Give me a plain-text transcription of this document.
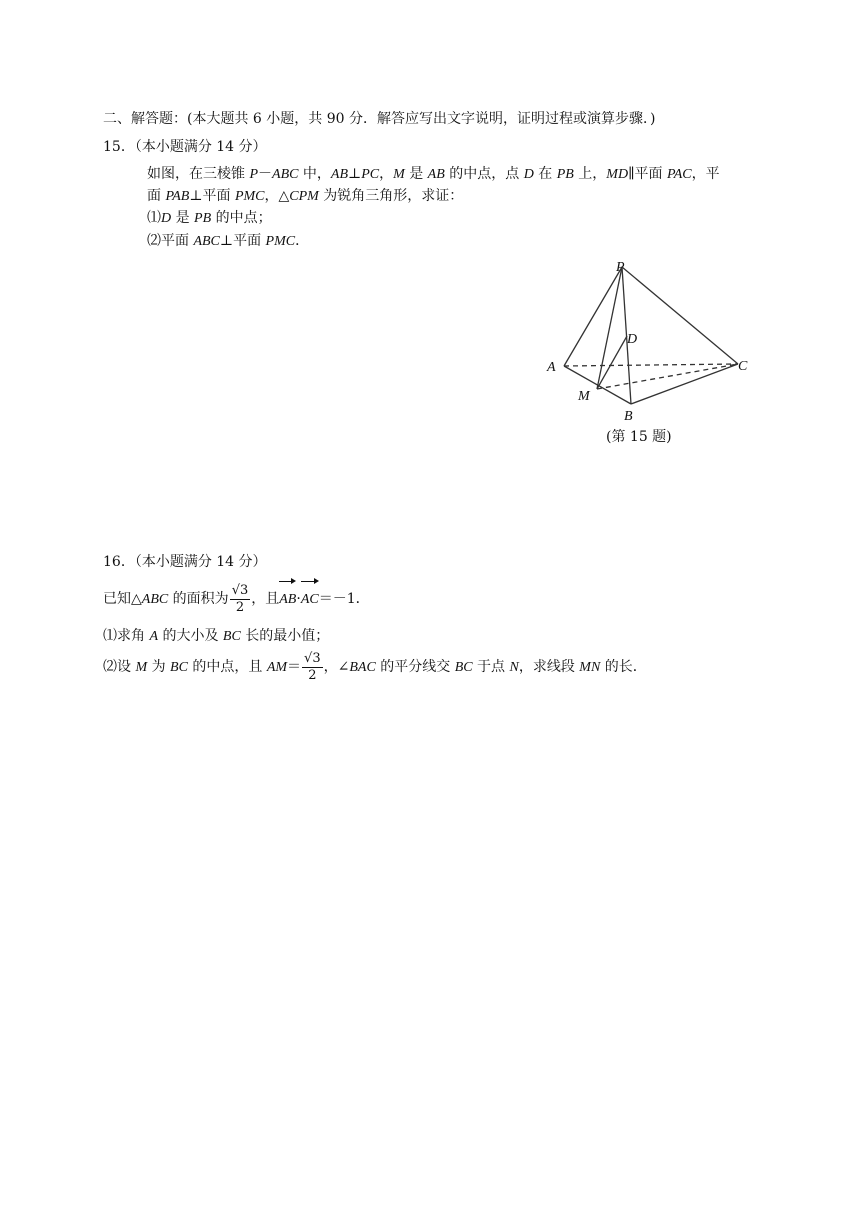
二、解答题：(本大题共 6 小题，共 90 分．解答应写出文字说明，证明过程或演算步骤．)
15．（本小题满分 14 分）
如图，在三棱锥 P－ABC 中，AB⊥PC，M 是 AB 的中点，点 D 在 PB 上，MD∥平面 PAC，平
面 PAB⊥平面 PMC，△CPM 为锐角三角形，求证：
⑴D 是 PB 的中点；
⑵平面 ABC⊥平面 PMC．
P
D
A	C
M
B
(第 15 题)
16．（本小题满分 14 分）
已知△ABC 的面积为 $\frac{√3}{2}$ ，且AB·AC＝－1．
⑴求角 A 的大小及 BC 长的最小值；
⑵设 M 为 BC 的中点，且 $AM= \frac{√3}{2}$ ，∠BAC 的平分线交 BC 于点 N，求线段 MN 的长．
